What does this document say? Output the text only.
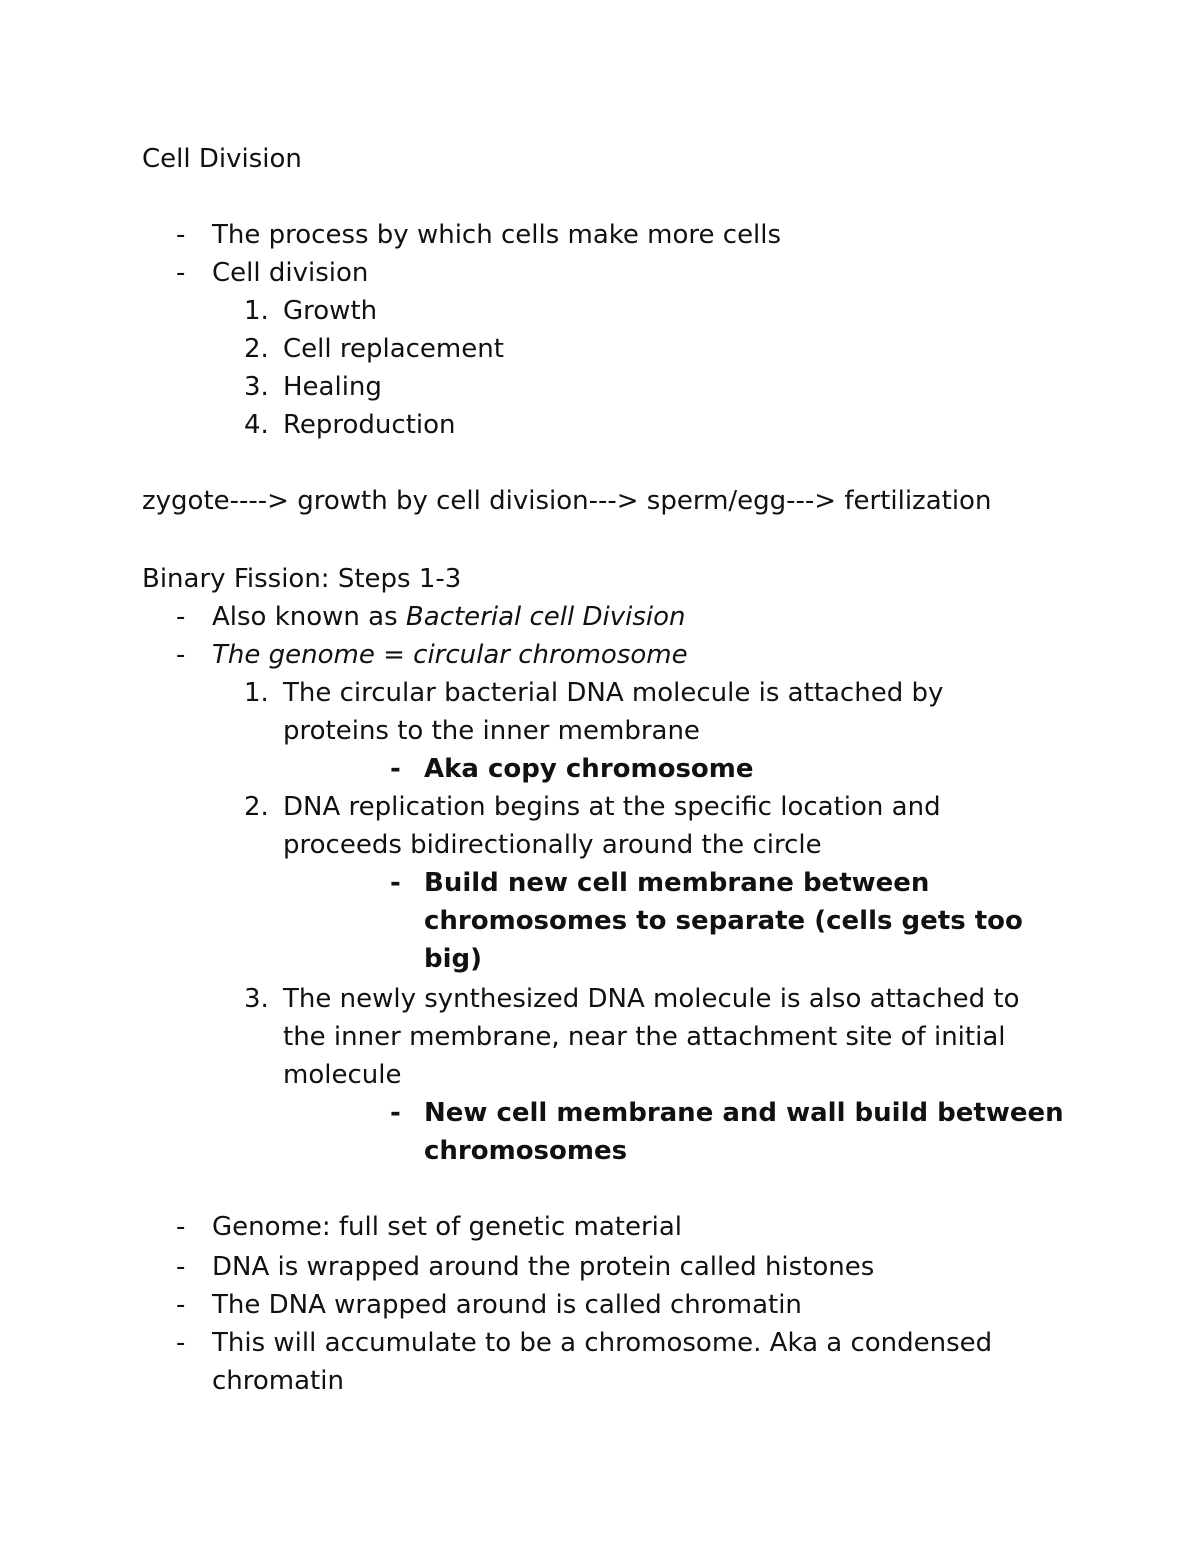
Cell Division
- The process by which cells make more cells
- Cell division
1. Growth
2. Cell replacement
3. Healing
4. Reproduction
zygote----> growth by cell division---> sperm/egg---> fertilization
Binary Fission: Steps 1-3
- Also known as Bacterial cell Division
- The genome = circular chromosome
1. The circular bacterial DNA molecule is attached by
proteins to the inner membrane
- Aka copy chromosome
2. DNA replication begins at the specific location and
proceeds bidirectionally around the circle
- Build new cell membrane between
chromosomes to separate (cells gets too
big)
3. The newly synthesized DNA molecule is also attached to
the inner membrane, near the attachment site of initial
molecule
- New cell membrane and wall build between
chromosomes
- Genome: full set of genetic material
- DNA is wrapped around the protein called histones
- The DNA wrapped around is called chromatin
- This will accumulate to be a chromosome. Aka a condensed
chromatin
